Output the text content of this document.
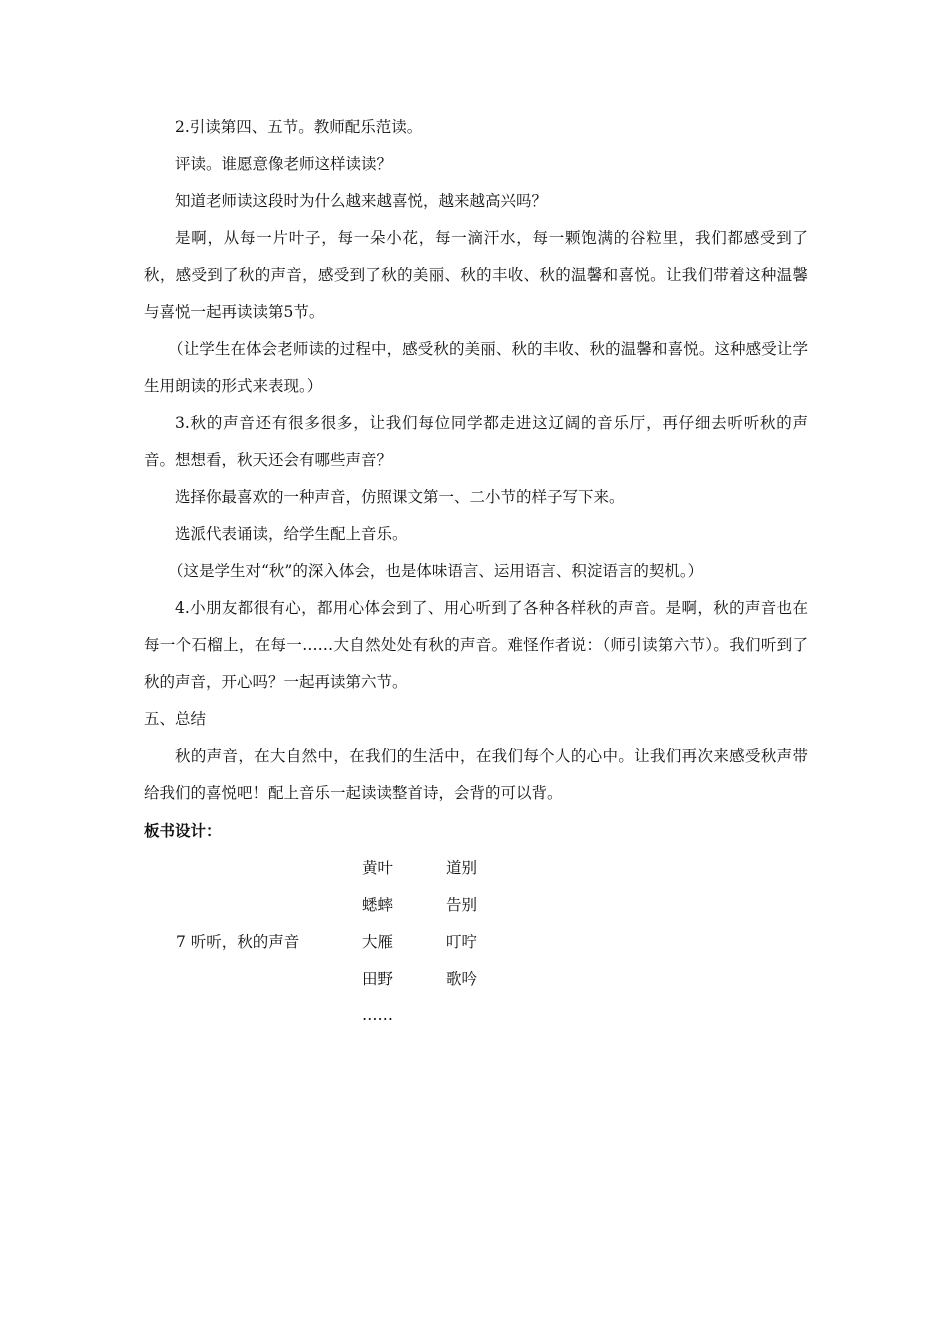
2.引读第四、五节。教师配乐范读。

评读。谁愿意像老师这样读读？

知道老师读这段时为什么越来越喜悦，越来越高兴吗？

是啊，从每一片叶子，每一朵小花，每一滴汗水，每一颗饱满的谷粒里，我们都感受到了秋，感受到了秋的声音，感受到了秋的美丽、秋的丰收、秋的温馨和喜悦。让我们带着这种温馨与喜悦一起再读读第5节。

（让学生在体会老师读的过程中，感受秋的美丽、秋的丰收、秋的温馨和喜悦。这种感受让学生用朗读的形式来表现。）

3.秋的声音还有很多很多，让我们每位同学都走进这辽阔的音乐厅，再仔细去听听秋的声音。想想看，秋天还会有哪些声音？

选择你最喜欢的一种声音，仿照课文第一、二小节的样子写下来。

选派代表诵读，给学生配上音乐。

（这是学生对“秋”的深入体会，也是体味语言、运用语言、积淀语言的契机。）

4.小朋友都很有心，都用心体会到了、用心听到了各种各样秋的声音。是啊，秋的声音也在每一个石榴上，在每一……大自然处处有秋的声音。难怪作者说：（师引读第六节）。我们听到了秋的声音，开心吗？一起再读第六节。

五、总结

秋的声音，在大自然中，在我们的生活中，在我们每个人的心中。让我们再次来感受秋声带给我们的喜悦吧！配上音乐一起读读整首诗，会背的可以背。

板书设计：

7 听听，秋的声音
黄叶
蟋蟀
大雁
田野
……
道别
告别
叮咛
歌吟
